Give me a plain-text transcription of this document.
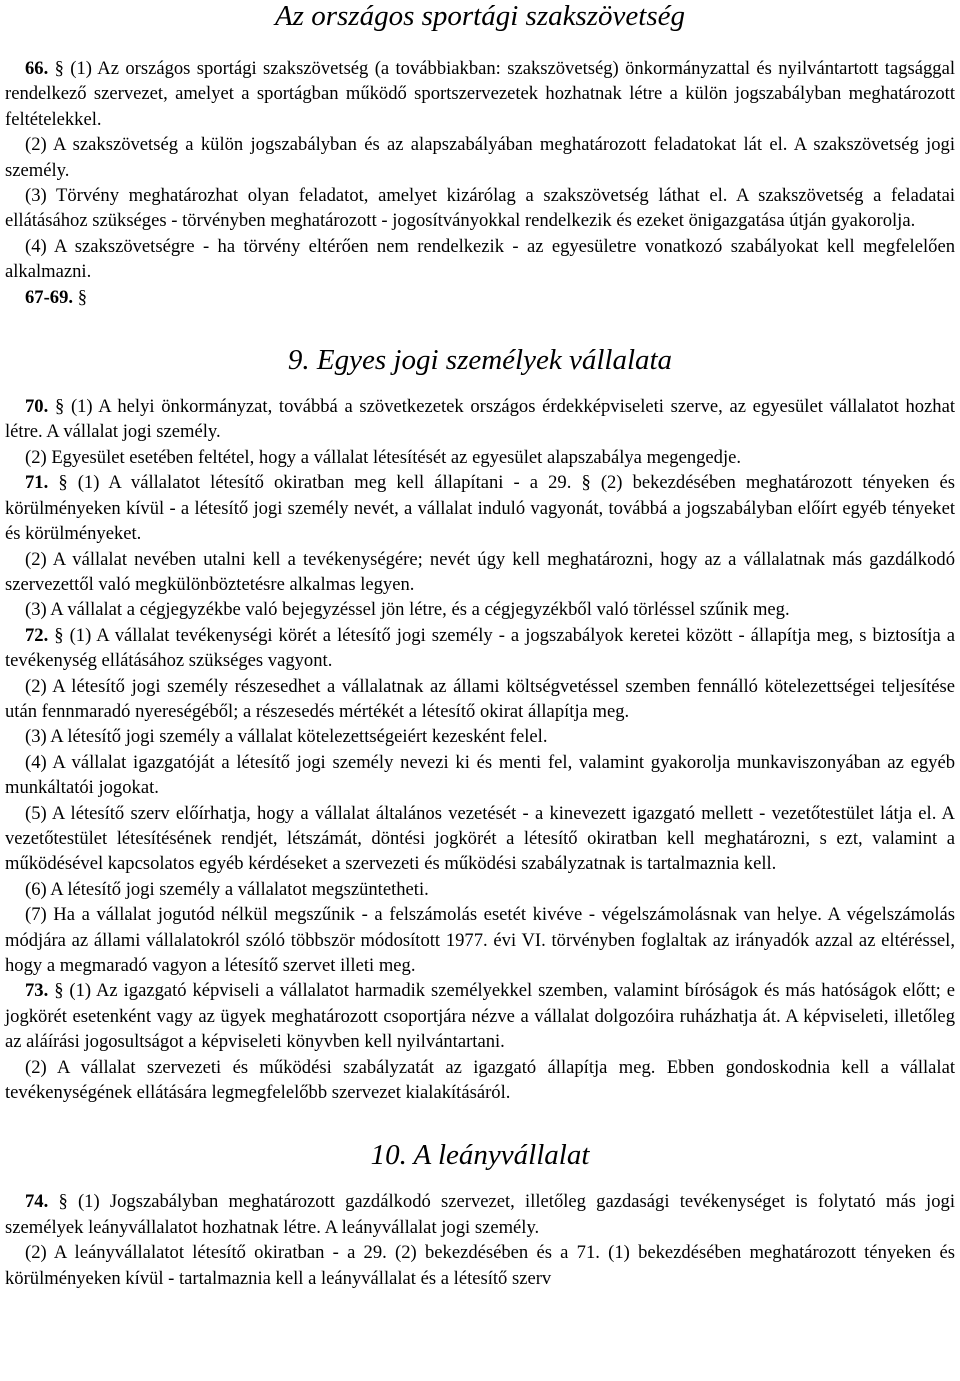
Az országos sportági szakszövetség

66. § (1) Az országos sportági szakszövetség (a továbbiakban: szakszövetség) önkormányzattal és nyilvántartott tagsággal rendelkező szervezet, amelyet a sportágban működő sportszervezetek hozhatnak létre a külön jogszabályban meghatározott feltételekkel.

(2) A szakszövetség a külön jogszabályban és az alapszabályában meghatározott feladatokat lát el. A szakszövetség jogi személy.

(3) Törvény meghatározhat olyan feladatot, amelyet kizárólag a szakszövetség láthat el. A szakszövetség a feladatai ellátásához szükséges - törvényben meghatározott - jogosítványokkal rendelkezik és ezeket önigazgatása útján gyakorolja.

(4) A szakszövetségre - ha törvény eltérően nem rendelkezik - az egyesületre vonatkozó szabályokat kell megfelelően alkalmazni.

67-69. §

9. Egyes jogi személyek vállalata

70. § (1) A helyi önkormányzat, továbbá a szövetkezetek országos érdekképviseleti szerve, az egyesület vállalatot hozhat létre. A vállalat jogi személy.

(2) Egyesület esetében feltétel, hogy a vállalat létesítését az egyesület alapszabálya megengedje.

71. § (1) A vállalatot létesítő okiratban meg kell állapítani - a 29. § (2) bekezdésében meghatározott tényeken és körülményeken kívül - a létesítő jogi személy nevét, a vállalat induló vagyonát, továbbá a jogszabályban előírt egyéb tényeket és körülményeket.

(2) A vállalat nevében utalni kell a tevékenységére; nevét úgy kell meghatározni, hogy az a vállalatnak más gazdálkodó szervezettől való megkülönböztetésre alkalmas legyen.

(3) A vállalat a cégjegyzékbe való bejegyzéssel jön létre, és a cégjegyzékből való törléssel szűnik meg.

72. § (1) A vállalat tevékenységi körét a létesítő jogi személy - a jogszabályok keretei között - állapítja meg, s biztosítja a tevékenység ellátásához szükséges vagyont.

(2) A létesítő jogi személy részesedhet a vállalatnak az állami költségvetéssel szemben fennálló kötelezettségei teljesítése után fennmaradó nyereségéből; a részesedés mértékét a létesítő okirat állapítja meg.

(3) A létesítő jogi személy a vállalat kötelezettségeiért kezesként felel.

(4) A vállalat igazgatóját a létesítő jogi személy nevezi ki és menti fel, valamint gyakorolja munkaviszonyában az egyéb munkáltatói jogokat.

(5) A létesítő szerv előírhatja, hogy a vállalat általános vezetését - a kinevezett igazgató mellett - vezetőtestület látja el. A vezetőtestület létesítésének rendjét, létszámát, döntési jogkörét a létesítő okiratban kell meghatározni, s ezt, valamint a működésével kapcsolatos egyéb kérdéseket a szervezeti és működési szabályzatnak is tartalmaznia kell.

(6) A létesítő jogi személy a vállalatot megszüntetheti.

(7) Ha a vállalat jogutód nélkül megszűnik - a felszámolás esetét kivéve - végelszámolásnak van helye. A végelszámolás módjára az állami vállalatokról szóló többször módosított 1977. évi VI. törvényben foglaltak az irányadók azzal az eltéréssel, hogy a megmaradó vagyon a létesítő szervet illeti meg.

73. § (1) Az igazgató képviseli a vállalatot harmadik személyekkel szemben, valamint bíróságok és más hatóságok előtt; e jogkörét esetenként vagy az ügyek meghatározott csoportjára nézve a vállalat dolgozóira ruházhatja át. A képviseleti, illetőleg az aláírási jogosultságot a képviseleti könyvben kell nyilvántartani.

(2) A vállalat szervezeti és működési szabályzatát az igazgató állapítja meg. Ebben gondoskodnia kell a vállalat tevékenységének ellátására legmegfelelőbb szervezet kialakításáról.

10. A leányvállalat

74. § (1) Jogszabályban meghatározott gazdálkodó szervezet, illetőleg gazdasági tevékenységet is folytató más jogi személyek leányvállalatot hozhatnak létre. A leányvállalat jogi személy.

(2) A leányvállalatot létesítő okiratban - a 29. (2) bekezdésében és a 71. (1) bekezdésében meghatározott tényeken és körülményeken kívül - tartalmaznia kell a leányvállalat és a létesítő szerv
